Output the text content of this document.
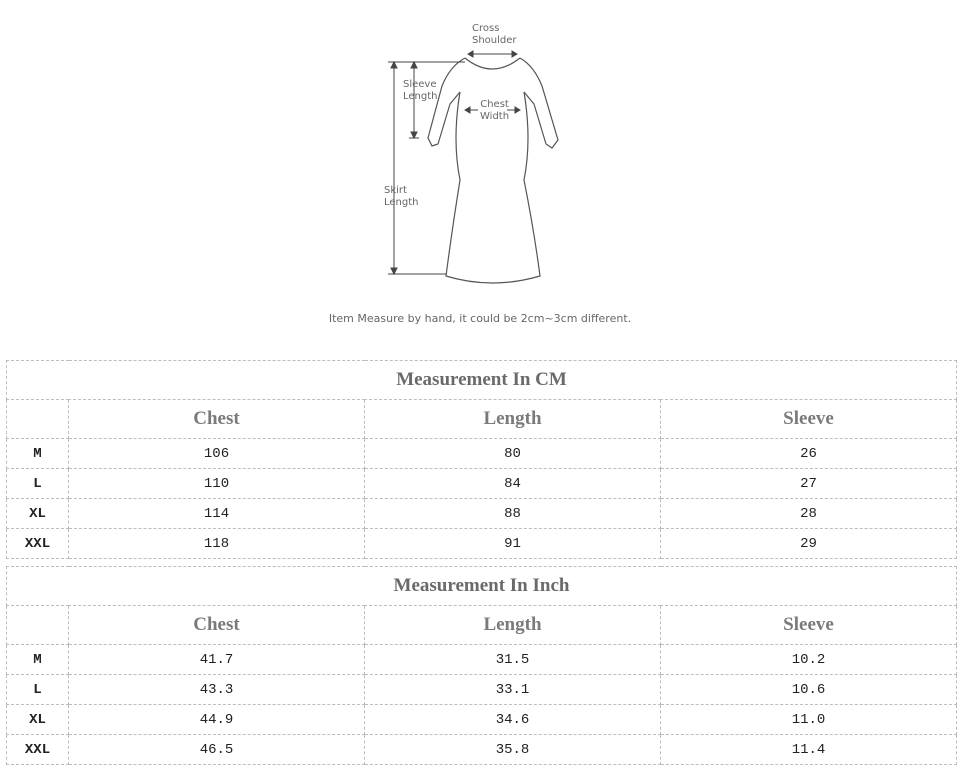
Cross
Shoulder
Sleeve
Length
Chest
Width
Skirt
Length
Item Measure by hand, it could be 2cm~3cm different.
Measurement In CM			
	Chest	Length	Sleeve
M	106	80	26
L	110	84	27
XL	114	88	28
XXL	118	91	29
Measurement In Inch			
	Chest	Length	Sleeve
M	41.7	31.5	10.2
L	43.3	33.1	10.6
XL	44.9	34.6	11.0
XXL	46.5	35.8	11.4
